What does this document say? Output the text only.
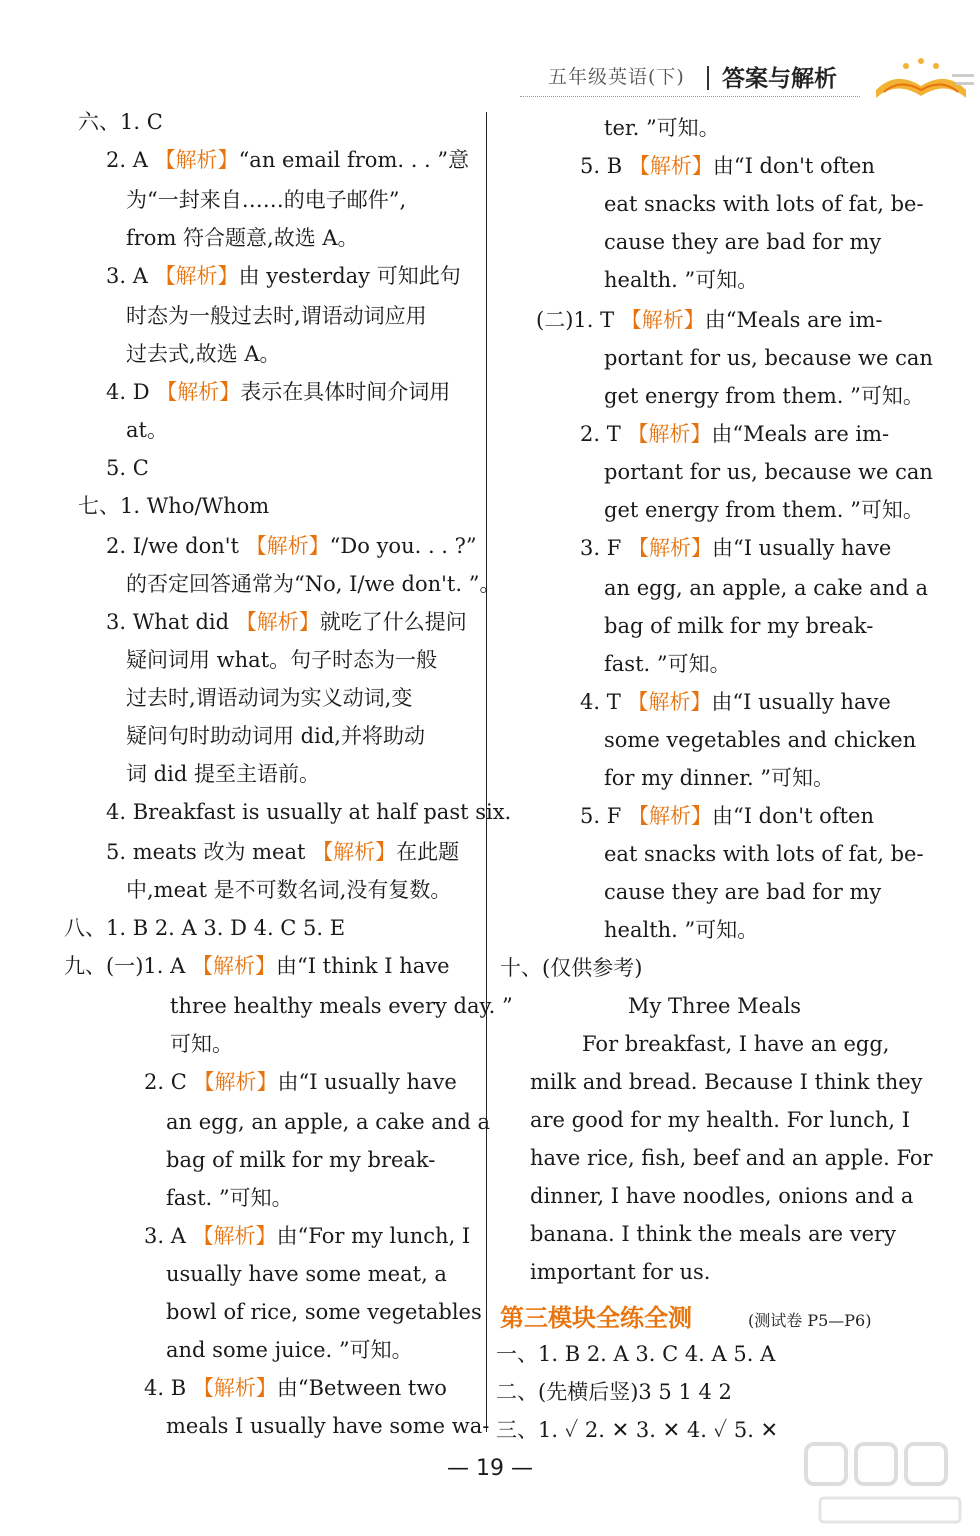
五年级英语(下) 答案与解析
六、1. C
2. A 【解析】“an email from. . . ”意
为“一封来自……的电子邮件”,
from 符合题意,故选 A。
3. A 【解析】由 yesterday 可知此句
时态为一般过去时,谓语动词应用
过去式,故选 A。
4. D 【解析】表示在具体时间介词用
at。
5. C
七、1. Who/Whom
2. I/we don't 【解析】“Do you. . . ?”
的否定回答通常为“No, I/we don't. ”。
3. What did 【解析】就吃了什么提问
疑问词用 what。句子时态为一般
过去时,谓语动词为实义动词,变
疑问句时助动词用 did,并将助动
词 did 提至主语前。
4. Breakfast is usually at half past six.
5. meats 改为 meat 【解析】在此题
中,meat 是不可数名词,没有复数。
八、1. B 2. A 3. D 4. C 5. E
九、(一)1. A 【解析】由“I think I have
three healthy meals every day. ”
可知。
2. C 【解析】由“I usually have
an egg, an apple, a cake and a
bag of milk for my break-
fast. ”可知。
3. A 【解析】由“For my lunch, I
usually have some meat, a
bowl of rice, some vegetables
and some juice. ”可知。
4. B 【解析】由“Between two
meals I usually have some wa-
ter. ”可知。
5. B 【解析】由“I don't often
eat snacks with lots of fat, be-
cause they are bad for my
health. ”可知。
(二)1. T 【解析】由“Meals are im-
portant for us, because we can
get energy from them. ”可知。
2. T 【解析】由“Meals are im-
portant for us, because we can
get energy from them. ”可知。
3. F 【解析】由“I usually have
an egg, an apple, a cake and a
bag of milk for my break-
fast. ”可知。
4. T 【解析】由“I usually have
some vegetables and chicken
for my dinner. ”可知。
5. F 【解析】由“I don't often
eat snacks with lots of fat, be-
cause they are bad for my
health. ”可知。
十、(仅供参考)
My Three Meals
For breakfast, I have an egg,
milk and bread. Because I think they
are good for my health. For lunch, I
have rice, fish, beef and an apple. For
dinner, I have noodles, onions and a
banana. I think the meals are very
important for us.
一、1. B 2. A 3. C 4. A 5. A
二、(先横后竖)3 5 1 4 2
三、1. ✓ 2. ✕ 3. ✕ 4. ✓ 5. ✕
第三模块全练全测	(测试卷 P5—P6)
— 19 —
